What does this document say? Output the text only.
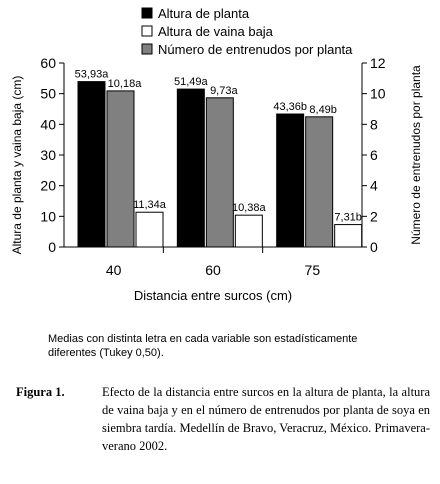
Altura de planta
Altura de vaina baja
Número de entrenudos por planta
0
10
20
30
40
50
60
0
2
4
6
8
10
12
40	60	75
53,93a
10,18a
11,34a
51,49a
9,73a
10,38a
43,36b 8,49b
7,31b
Distancia entre surcos (cm)
Altura de planta y vaina baja (cm)	Número de entrenudos por planta
Medias con distinta letra en cada variable son estadísticamente diferentes (Tukey 0,50).
Figura 1.	Efecto de la distancia entre surcos en la altura de planta, la altura de vaina baja y en el número de entrenudos por planta de soya en siembra tardía. Medellín de Bravo, Veracruz, México. Primavera-verano 2002.
